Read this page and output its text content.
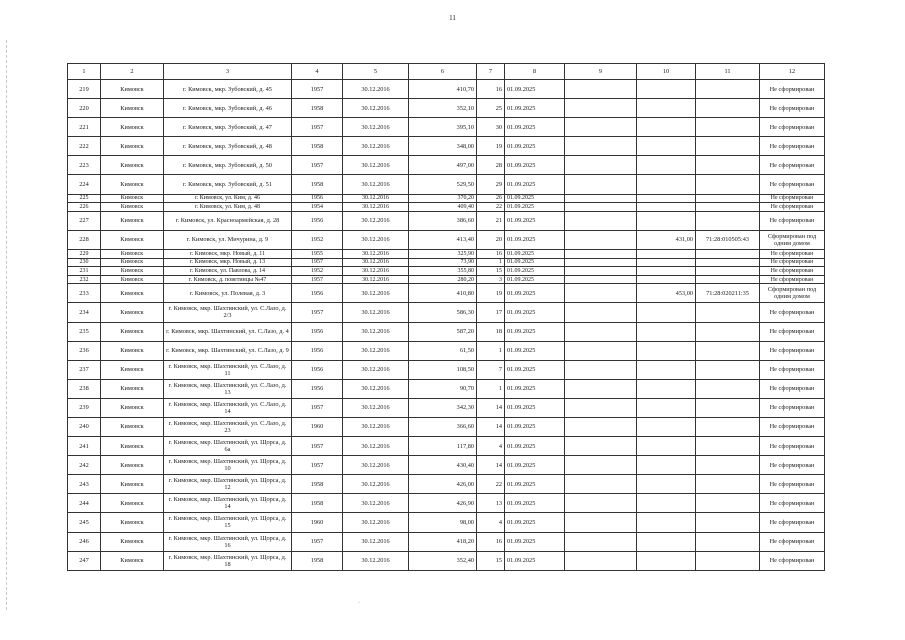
11
1	2	3	4	5	6	7	8	9	10	11	12
219	Кимовск	г. Кимовск, мкр. Зубовский, д. 45	1957	30.12.2016	410,70	16	01.09.2025				Не сформирован
220	Кимовск	г. Кимовск, мкр. Зубовский, д. 46	1958	30.12.2016	352,10	25	01.09.2025				Не сформирован
221	Кимовск	г. Кимовск, мкр. Зубовский, д. 47	1957	30.12.2016	395,10	30	01.09.2025				Не сформирован
222	Кимовск	г. Кимовск, мкр. Зубовский, д. 48	1958	30.12.2016	348,00	19	01.09.2025				Не сформирован
223	Кимовск	г. Кимовск, мкр. Зубовский, д. 50	1957	30.12.2016	497,00	28	01.09.2025				Не сформирован
224	Кимовск	г. Кимовск, мкр. Зубовский, д. 51	1958	30.12.2016	529,50	29	01.09.2025				Не сформирован
225	Кимовск	г. Кимовск, ул. Ким, д. 46	1956	30.12.2016	370,20	26	01.09.2025				Не сформирован
226	Кимовск	г. Кимовск, ул. Ким, д. 48	1954	30.12.2016	409,40	22	01.09.2025				Не сформирован
227	Кимовск	г. Кимовск, ул. Красноармейская, д. 28	1956	30.12.2016	386,60	21	01.09.2025				Не сформирован
228	Кимовск	г. Кимовск, ул. Мичурина, д. 9	1952	30.12.2016	413,40	20	01.09.2025		431,00	71:28:010505:43	Сформирован под одним домом
229	Кимовск	г. Кимовск, мкр. Новый, д. 11	1955	30.12.2016	325,90	16	01.09.2025				Не сформирован
230	Кимовск	г. Кимовск, мкр. Новый, д. 13	1957	30.12.2016	73,90	1	01.09.2025				Не сформирован
231	Кимовск	г. Кимовск, ул. Павлова, д. 14	1952	30.12.2016	355,80	15	01.09.2025				Не сформирован
232	Кимовск	г. Кимовск, д. поветинцы №47	1957	30.12.2016	280,20	3	01.09.2025				Не сформирован
233	Кимовск	г. Кимовск, ул. Полевая, д. 3	1956	30.12.2016	410,80	19	01.09.2025		453,00	71:28:020211:35	Сформирован под одним домом
234	Кимовск	г. Кимовск, мкр. Шахтинский, ул. С.Лазо, д. 2/3	1957	30.12.2016	586,30	17	01.09.2025				Не сформирован
235	Кимовск	г. Кимовск, мкр. Шахтинский, ул. С.Лазо, д. 4	1956	30.12.2016	587,20	18	01.09.2025				Не сформирован
236	Кимовск	г. Кимовск, мкр. Шахтинский, ул. С.Лазо, д. 9	1956	30.12.2016	61,50	1	01.09.2025				Не сформирован
237	Кимовск	г. Кимовск, мкр. Шахтинский, ул. С.Лазо, д. 11	1956	30.12.2016	108,50	7	01.09.2025				Не сформирован
238	Кимовск	г. Кимовск, мкр. Шахтинский, ул. С.Лазо, д. 13	1956	30.12.2016	90,70	1	01.09.2025				Не сформирован
239	Кимовск	г. Кимовск, мкр. Шахтинский, ул. С.Лазо, д. 14	1957	30.12.2016	342,30	14	01.09.2025				Не сформирован
240	Кимовск	г. Кимовск, мкр. Шахтинский, ул. С.Лазо, д. 23	1960	30.12.2016	366,60	14	01.09.2025				Не сформирован
241	Кимовск	г. Кимовск, мкр. Шахтинский, ул. Щорса, д. 6а	1957	30.12.2016	117,80	4	01.09.2025				Не сформирован
242	Кимовск	г. Кимовск, мкр. Шахтинский, ул. Щорса, д. 10	1957	30.12.2016	430,40	14	01.09.2025				Не сформирован
243	Кимовск	г. Кимовск, мкр. Шахтинский, ул. Щорса, д. 12	1958	30.12.2016	426,00	22	01.09.2025				Не сформирован
244	Кимовск	г. Кимовск, мкр. Шахтинский, ул. Щорса, д. 14	1958	30.12.2016	426,90	13	01.09.2025				Не сформирован
245	Кимовск	г. Кимовск, мкр. Шахтинский, ул. Щорса, д. 15	1960	30.12.2016	98,00	4	01.09.2025				Не сформирован
246	Кимовск	г. Кимовск, мкр. Шахтинский, ул. Щорса, д. 16	1957	30.12.2016	418,20	16	01.09.2025				Не сформирован
247	Кимовск	г. Кимовск, мкр. Шахтинский, ул. Щорса, д. 18	1958	30.12.2016	352,40	15	01.09.2025				Не сформирован
·
